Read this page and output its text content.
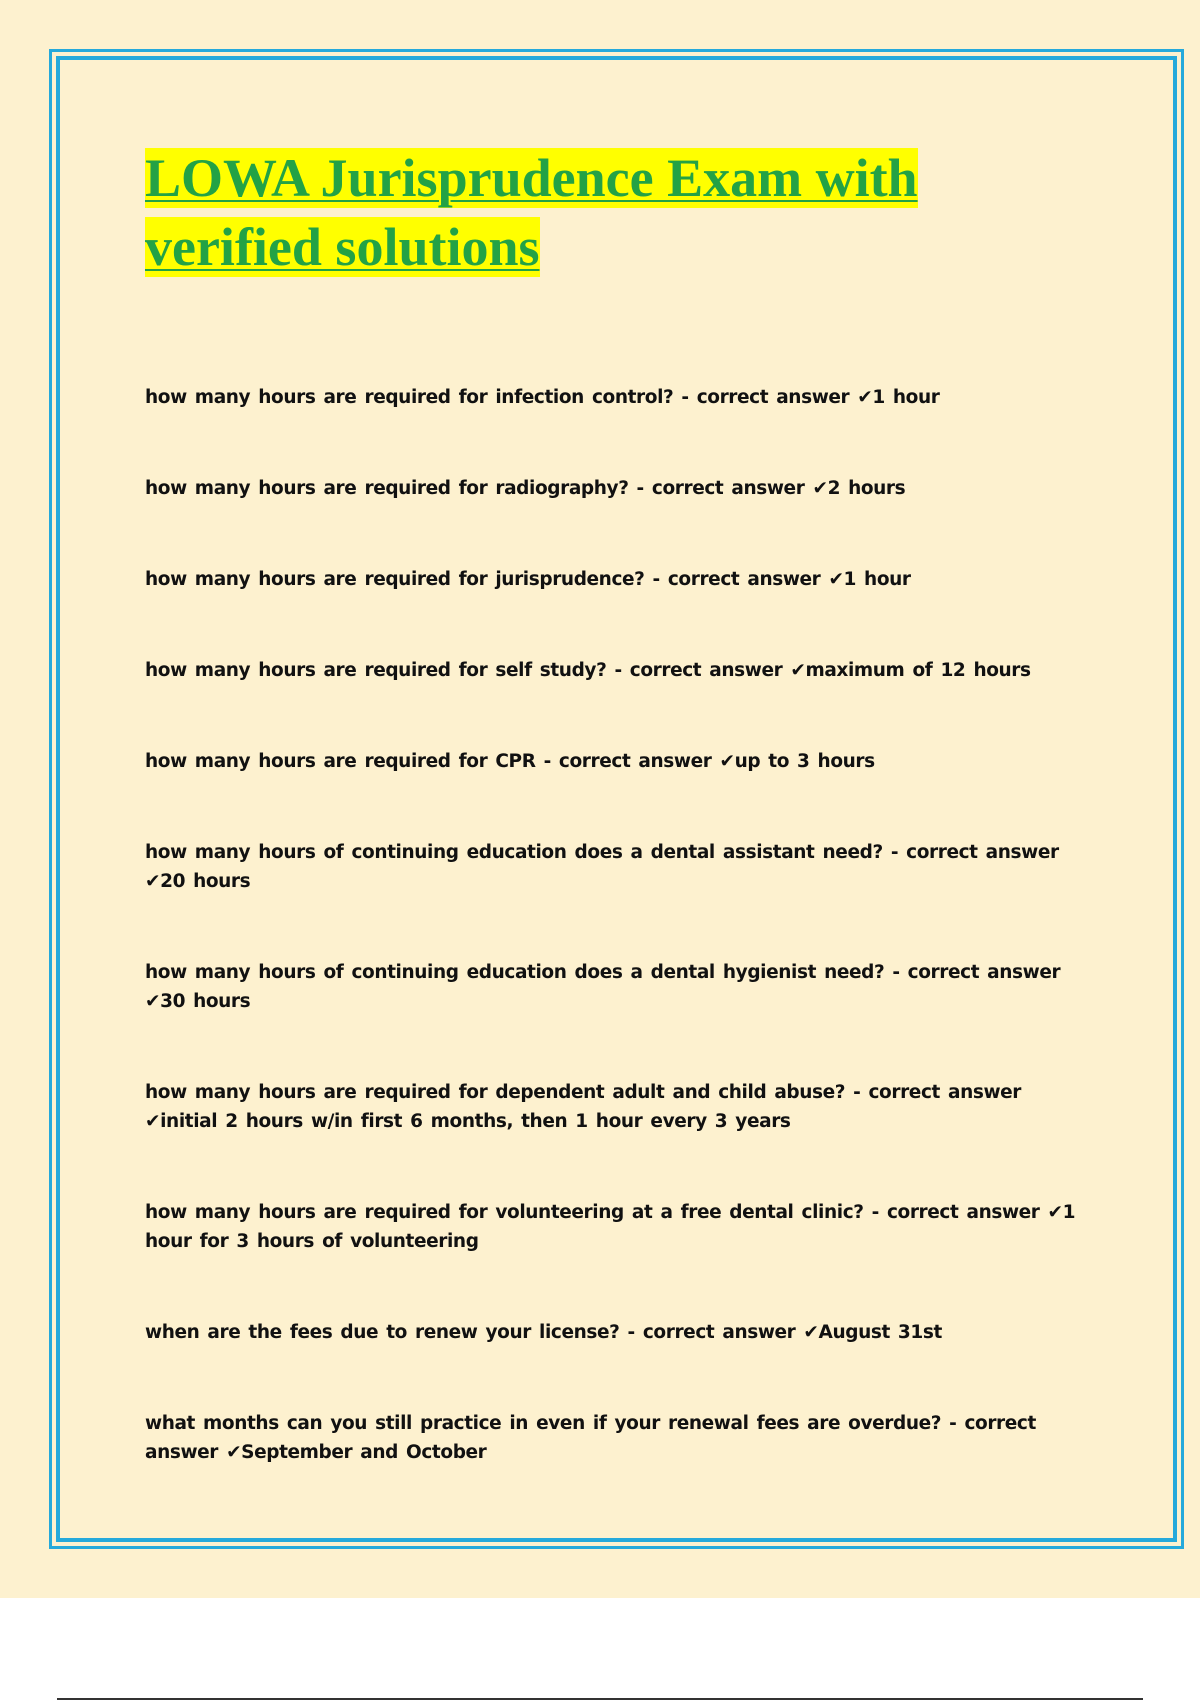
LOWA Jurisprudence Exam with
verified solutions
how many hours are required for infection control? - correct answer ✔1 hour
how many hours are required for radiography? - correct answer ✔2 hours
how many hours are required for jurisprudence? - correct answer ✔1 hour
how many hours are required for self study? - correct answer ✔maximum of 12 hours
how many hours are required for CPR - correct answer ✔up to 3 hours
how many hours of continuing education does a dental assistant need? - correct answer ✔20 hours
how many hours of continuing education does a dental hygienist need? - correct answer ✔30 hours
how many hours are required for dependent adult and child abuse? - correct answer ✔initial 2 hours w/in first 6 months, then 1 hour every 3 years
how many hours are required for volunteering at a free dental clinic? - correct answer ✔1 hour for 3 hours of volunteering
when are the fees due to renew your license? - correct answer ✔August 31st
what months can you still practice in even if your renewal fees are overdue? - correct answer ✔September and October
